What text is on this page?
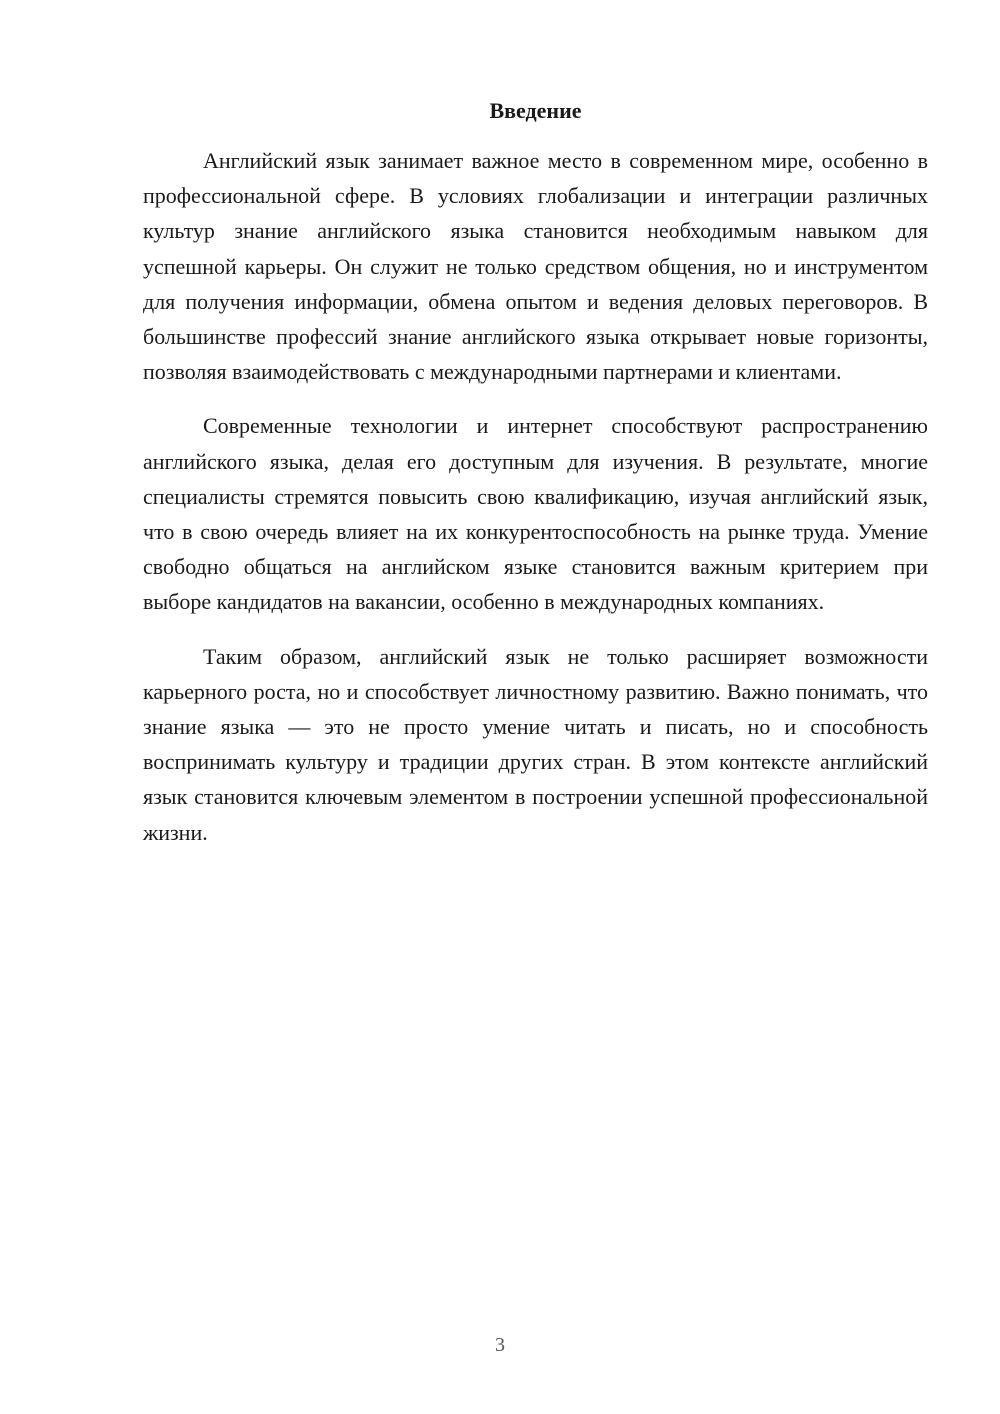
Введение

Английский язык занимает важное место в современном мире, особенно в профессиональной сфере. В условиях глобализации и интеграции различных культур знание английского языка становится необходимым навыком для успешной карьеры. Он служит не только средством общения, но и инструментом для получения информации, обмена опытом и ведения деловых переговоров. В большинстве профессий знание английского языка открывает новые горизонты, позволяя взаимодействовать с международными партнерами и клиентами.

Современные технологии и интернет способствуют распространению английского языка, делая его доступным для изучения. В результате, многие специалисты стремятся повысить свою квалификацию, изучая английский язык, что в свою очередь влияет на их конкурентоспособность на рынке труда. Умение свободно общаться на английском языке становится важным критерием при выборе кандидатов на вакансии, особенно в международных компаниях.

Таким образом, английский язык не только расширяет возможности карьерного роста, но и способствует личностному развитию. Важно понимать, что знание языка — это не просто умение читать и писать, но и способность воспринимать культуру и традиции других стран. В этом контексте английский язык становится ключевым элементом в построении успешной профессиональной жизни.

3
